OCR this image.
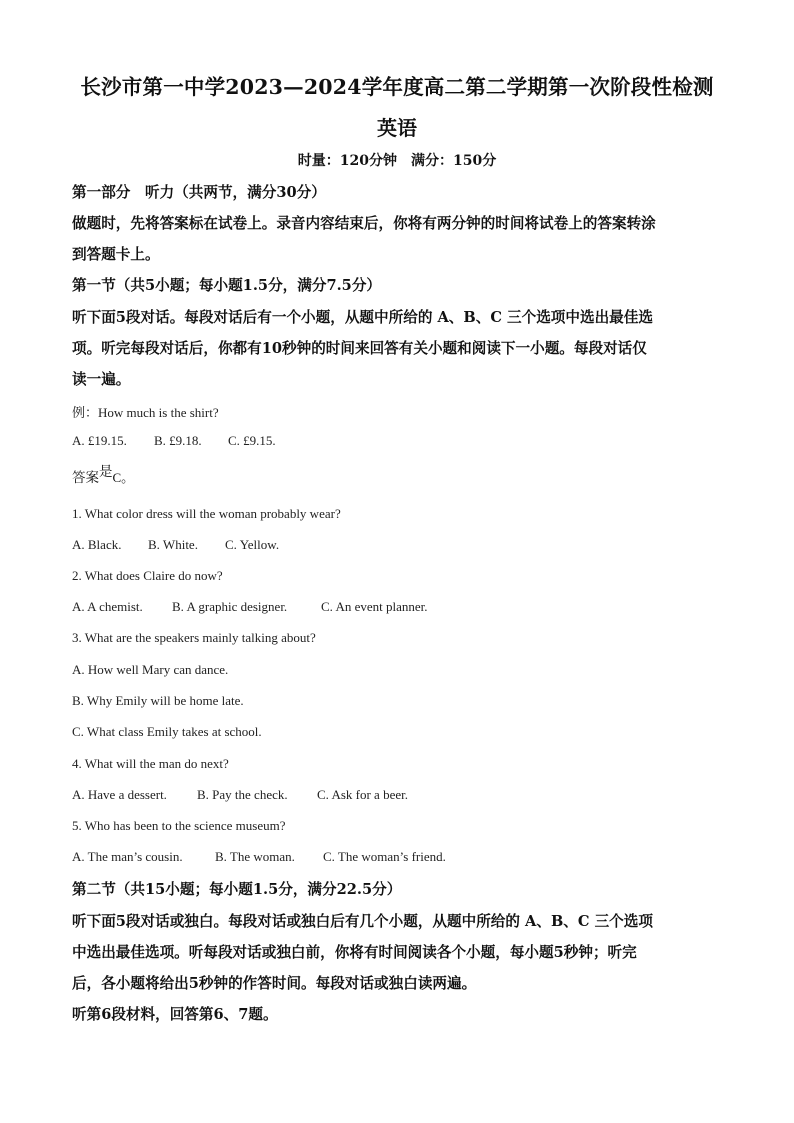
长沙市第一中学2023—2024学年度高二第二学期第一次阶段性检测
英语
时量：120分钟　满分：150分
第一部分　听力（共两节，满分30分）
做题时，先将答案标在试卷上。录音内容结束后，你将有两分钟的时间将试卷上的答案转涂
到答题卡上。
第一节（共5小题；每小题1.5分，满分7.5分）
听下面5段对话。每段对话后有一个小题，从题中所给的 A、B、C 三个选项中选出最佳选
项。听完每段对话后，你都有10秒钟的时间来回答有关小题和阅读下一小题。每段对话仅
读一遍。
例：How much is the shirt?
A. £19.15. B. £9.18. C. £9.15.
答案$^是$C。
1. What color dress will the woman probably wear?
A. Black. B. White. C. Yellow.
2. What does Claire do now?
A. A chemist. B. A graphic designer.	C. An event planner.
3. What are the speakers mainly talking about?
A. How well Mary can dance.
B. Why Emily will be home late.
C. What class Emily takes at school.
4. What will the man do next?
A. Have a dessert. B. Pay the check. C. Ask for a beer.
5. Who has been to the science museum?
A. The man’s cousin. B. The woman. C. The woman’s friend.
第二节（共15小题；每小题1.5分，满分22.5分）
听下面5段对话或独白。每段对话或独白后有几个小题，从题中所给的 A、B、C 三个选项
中选出最佳选项。听每段对话或独白前，你将有时间阅读各个小题，每小题5秒钟；听完
后，各小题将给出5秒钟的作答时间。每段对话或独白读两遍。
听第6段材料，回答第6、7题。
